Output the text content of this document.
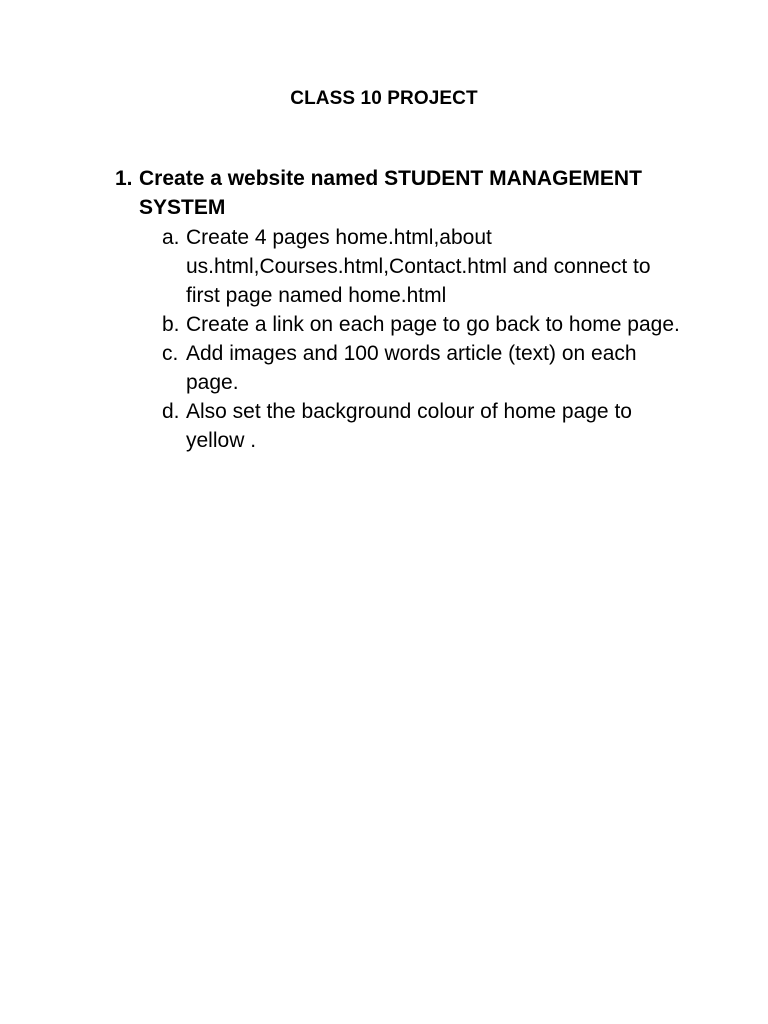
CLASS 10 PROJECT
1. Create a website named STUDENT MANAGEMENT SYSTEM
a. Create 4 pages home.html,about us.html,Courses.html,Contact.html and connect to first page named home.html
b. Create a link on each page to go back to home page.
c. Add images and 100 words article (text) on each page.
d. Also set the background colour of home page to yellow .
